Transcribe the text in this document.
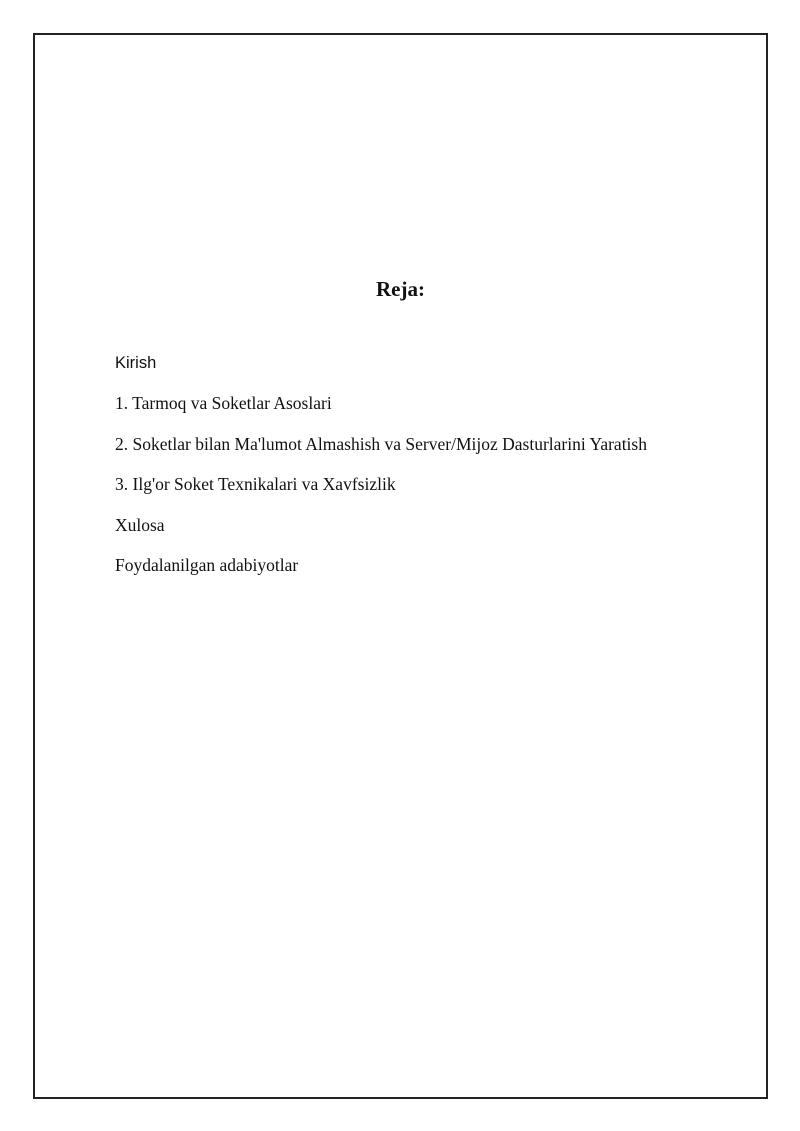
Reja:
Kirish
1. Tarmoq va Soketlar Asoslari
2. Soketlar bilan Ma'lumot Almashish va Server/Mijoz Dasturlarini Yaratish
3. Ilg'or Soket Texnikalari va Xavfsizlik
Xulosa
Foydalanilgan adabiyotlar
